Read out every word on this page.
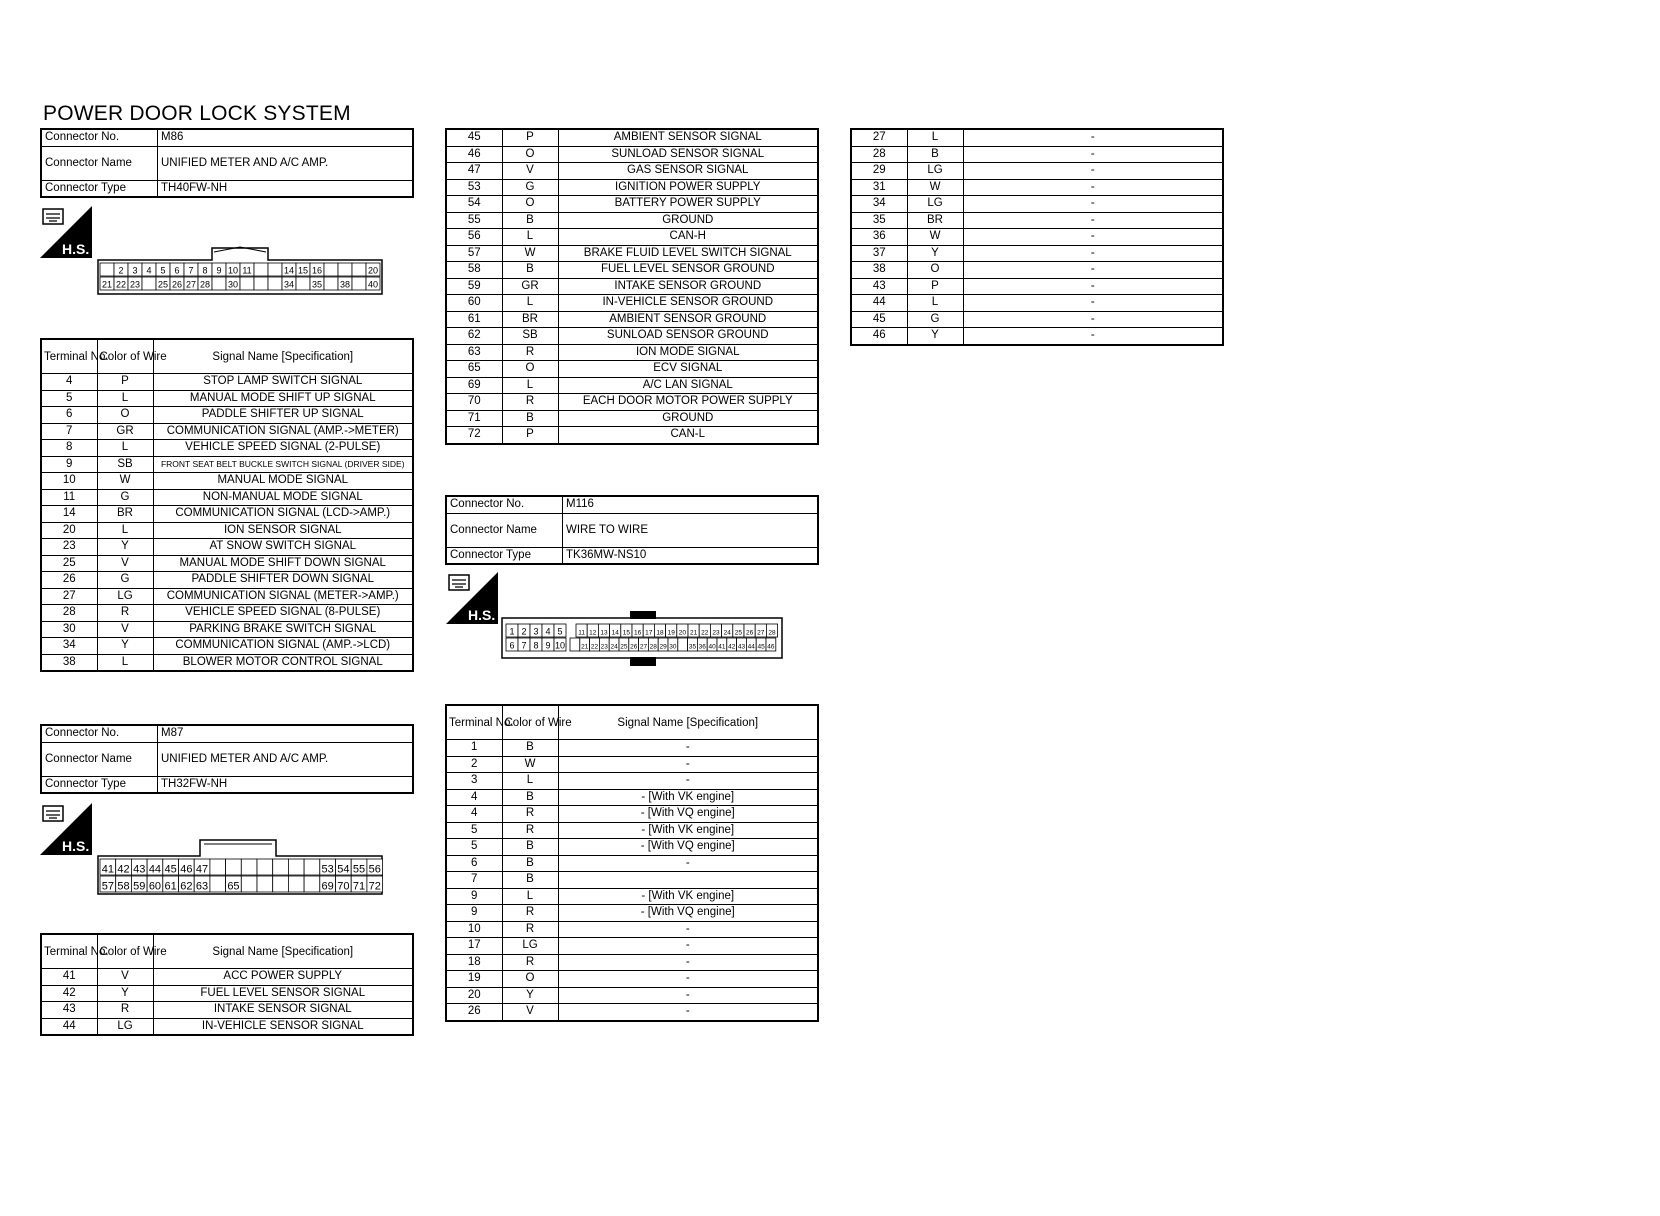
POWER DOOR LOCK SYSTEM
Connector No.	M86
Connector Name	UNIFIED METER AND A/C AMP.
Connector Type	TH40FW-NH
H.S.
2 3 4 5 6 7 8 9 10 11	14 15 16	20
21 22 23 25 26 27 28 30	34 35 38 40
Terminal No.	Color of Wire	Signal Name [Specification]
4	P	STOP LAMP SWITCH SIGNAL
5	L	MANUAL MODE SHIFT UP SIGNAL
6	O	PADDLE SHIFTER UP SIGNAL
7	GR	COMMUNICATION SIGNAL (AMP.->METER)
8	L	VEHICLE SPEED SIGNAL (2-PULSE)
9	SB	FRONT SEAT BELT BUCKLE SWITCH SIGNAL (DRIVER SIDE)
10	W	MANUAL MODE SIGNAL
11	G	NON-MANUAL MODE SIGNAL
14	BR	COMMUNICATION SIGNAL (LCD->AMP.)
20	L	ION SENSOR SIGNAL
23	Y	AT SNOW SWITCH SIGNAL
25	V	MANUAL MODE SHIFT DOWN SIGNAL
26	G	PADDLE SHIFTER DOWN SIGNAL
27	LG	COMMUNICATION SIGNAL (METER->AMP.)
28	R	VEHICLE SPEED SIGNAL (8-PULSE)
30	V	PARKING BRAKE SWITCH SIGNAL
34	Y	COMMUNICATION SIGNAL (AMP.->LCD)
38	L	BLOWER MOTOR CONTROL SIGNAL
Connector No.	M87
Connector Name	UNIFIED METER AND A/C AMP.
Connector Type	TH32FW-NH
H.S.
41 42 43 44 45 46 47	53 54 55 56
57 58 59 60 61 62 63 65	69 70 71 72
Terminal No.	Color of Wire	Signal Name [Specification]
41	V	ACC POWER SUPPLY
42	Y	FUEL LEVEL SENSOR SIGNAL
43	R	INTAKE SENSOR SIGNAL
44	LG	IN-VEHICLE SENSOR SIGNAL
45	P	AMBIENT SENSOR SIGNAL
46	O	SUNLOAD SENSOR SIGNAL
47	V	GAS SENSOR SIGNAL
53	G	IGNITION POWER SUPPLY
54	O	BATTERY POWER SUPPLY
55	B	GROUND
56	L	CAN-H
57	W	BRAKE FLUID LEVEL SWITCH SIGNAL
58	B	FUEL LEVEL SENSOR GROUND
59	GR	INTAKE SENSOR GROUND
60	L	IN-VEHICLE SENSOR GROUND
61	BR	AMBIENT SENSOR GROUND
62	SB	SUNLOAD SENSOR GROUND
63	R	ION MODE SIGNAL
65	O	ECV SIGNAL
69	L	A/C LAN SIGNAL
70	R	EACH DOOR MOTOR POWER SUPPLY
71	B	GROUND
72	P	CAN-L
Connector No.	M116
Connector Name	WIRE TO WIRE
Connector Type	TK36MW-NS10
H.S.
1 2 3 4 5
6 7 8 9 10
11 12 13 14 15 16 17 18 19 20 21 22 23 24 25 26 27 28
21 22 23 24 25 26 27 28 29 30 35 36 40 41 42 43 44 45 46
Terminal No.	Color of Wire	Signal Name [Specification]
1	B	-
2	W	-
3	L	-
4	B	- [With VK engine]
4	R	- [With VQ engine]
5	R	- [With VK engine]
5	B	- [With VQ engine]
6	B	-
7	B	
9	L	- [With VK engine]
9	R	- [With VQ engine]
10	R	-
17	LG	-
18	R	-
19	O	-
20	Y	-
26	V	-
27	L	-
28	B	-
29	LG	-
31	W	-
34	LG	-
35	BR	-
36	W	-
37	Y	-
38	O	-
43	P	-
44	L	-
45	G	-
46	Y	-
